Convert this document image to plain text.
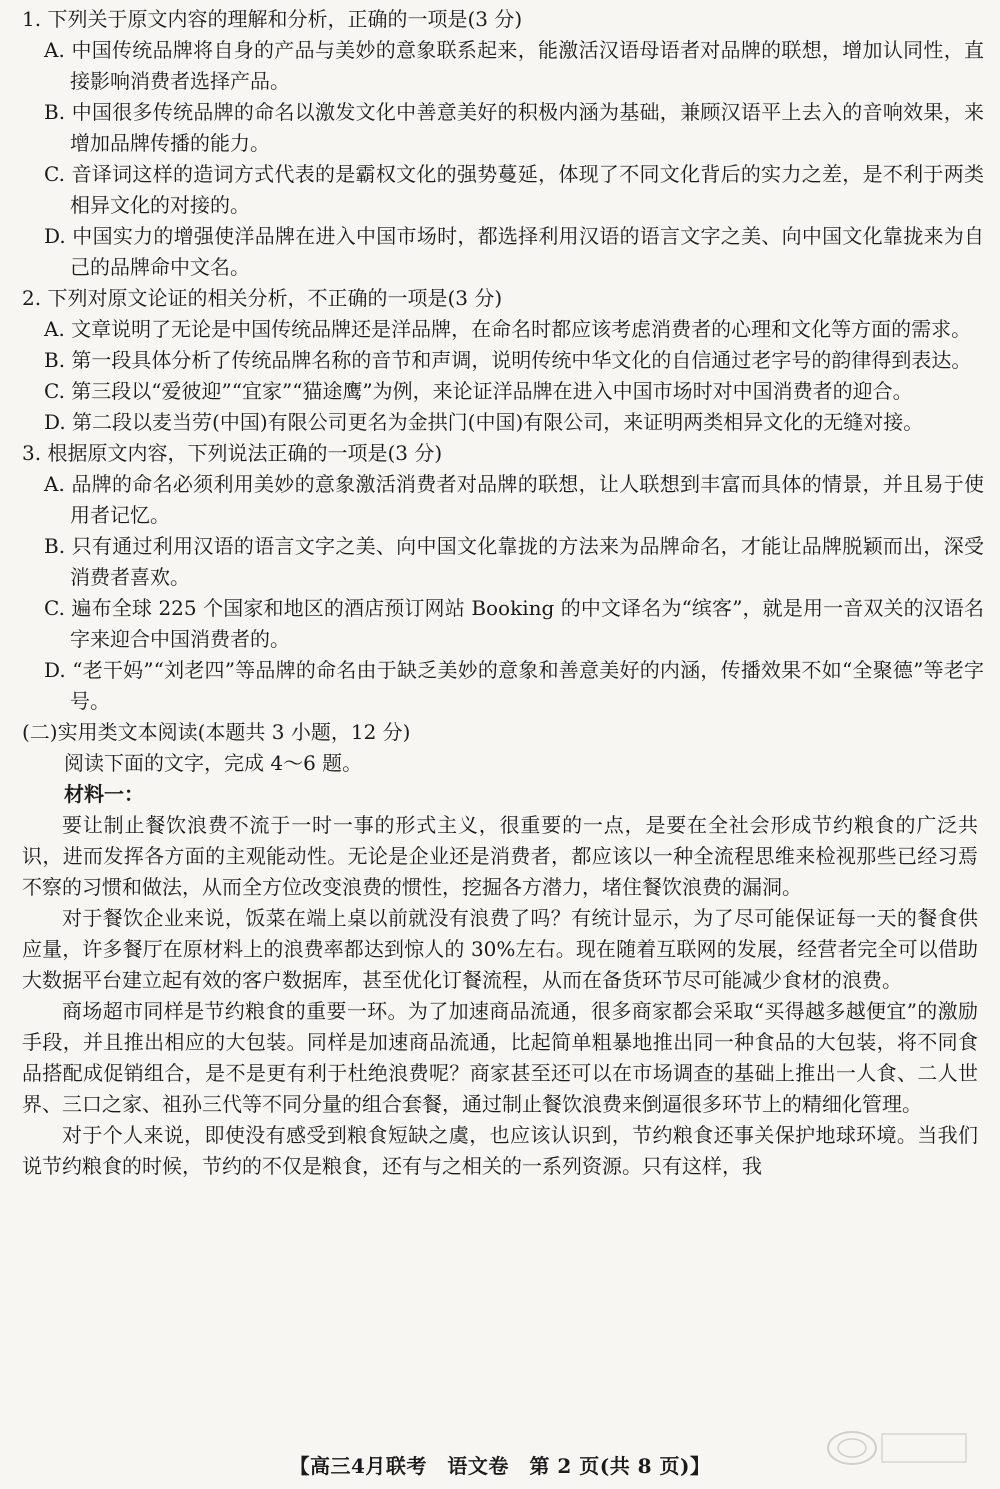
1. 下列关于原文内容的理解和分析，正确的一项是(3 分)

A. 中国传统品牌将自身的产品与美妙的意象联系起来，能激活汉语母语者对品牌的联想，增加认同性，直接影响消费者选择产品。

B. 中国很多传统品牌的命名以激发文化中善意美好的积极内涵为基础，兼顾汉语平上去入的音响效果，来增加品牌传播的能力。

C. 音译词这样的造词方式代表的是霸权文化的强势蔓延，体现了不同文化背后的实力之差，是不利于两类相异文化的对接的。

D. 中国实力的增强使洋品牌在进入中国市场时，都选择利用汉语的语言文字之美、向中国文化靠拢来为自己的品牌命中文名。

2. 下列对原文论证的相关分析，不正确的一项是(3 分)

A. 文章说明了无论是中国传统品牌还是洋品牌，在命名时都应该考虑消费者的心理和文化等方面的需求。

B. 第一段具体分析了传统品牌名称的音节和声调，说明传统中华文化的自信通过老字号的韵律得到表达。

C. 第三段以“爱彼迎”“宜家”“猫途鹰”为例，来论证洋品牌在进入中国市场时对中国消费者的迎合。

D. 第二段以麦当劳(中国)有限公司更名为金拱门(中国)有限公司，来证明两类相异文化的无缝对接。

3. 根据原文内容，下列说法正确的一项是(3 分)

A. 品牌的命名必须利用美妙的意象激活消费者对品牌的联想，让人联想到丰富而具体的情景，并且易于使用者记忆。

B. 只有通过利用汉语的语言文字之美、向中国文化靠拢的方法来为品牌命名，才能让品牌脱颖而出，深受消费者喜欢。

C. 遍布全球 225 个国家和地区的酒店预订网站 Booking 的中文译名为“缤客”，就是用一音双关的汉语名字来迎合中国消费者的。

D. “老干妈”“刘老四”等品牌的命名由于缺乏美妙的意象和善意美好的内涵，传播效果不如“全聚德”等老字号。

(二)实用类文本阅读(本题共 3 小题，12 分)

阅读下面的文字，完成 4～6 题。

材料一：

要让制止餐饮浪费不流于一时一事的形式主义，很重要的一点，是要在全社会形成节约粮食的广泛共识，进而发挥各方面的主观能动性。无论是企业还是消费者，都应该以一种全流程思维来检视那些已经习焉不察的习惯和做法，从而全方位改变浪费的惯性，挖掘各方潜力，堵住餐饮浪费的漏洞。

对于餐饮企业来说，饭菜在端上桌以前就没有浪费了吗？有统计显示，为了尽可能保证每一天的餐食供应量，许多餐厅在原材料上的浪费率都达到惊人的 30%左右。现在随着互联网的发展，经营者完全可以借助大数据平台建立起有效的客户数据库，甚至优化订餐流程，从而在备货环节尽可能减少食材的浪费。

商场超市同样是节约粮食的重要一环。为了加速商品流通，很多商家都会采取“买得越多越便宜”的激励手段，并且推出相应的大包装。同样是加速商品流通，比起简单粗暴地推出同一种食品的大包装，将不同食品搭配成促销组合，是不是更有利于杜绝浪费呢？商家甚至还可以在市场调查的基础上推出一人食、二人世界、三口之家、祖孙三代等不同分量的组合套餐，通过制止餐饮浪费来倒逼很多环节上的精细化管理。

对于个人来说，即使没有感受到粮食短缺之虞，也应该认识到，节约粮食还事关保护地球环境。当我们说节约粮食的时候，节约的不仅是粮食，还有与之相关的一系列资源。只有这样，我

【高三4月联考　语文卷　第 2 页(共 8 页)】
